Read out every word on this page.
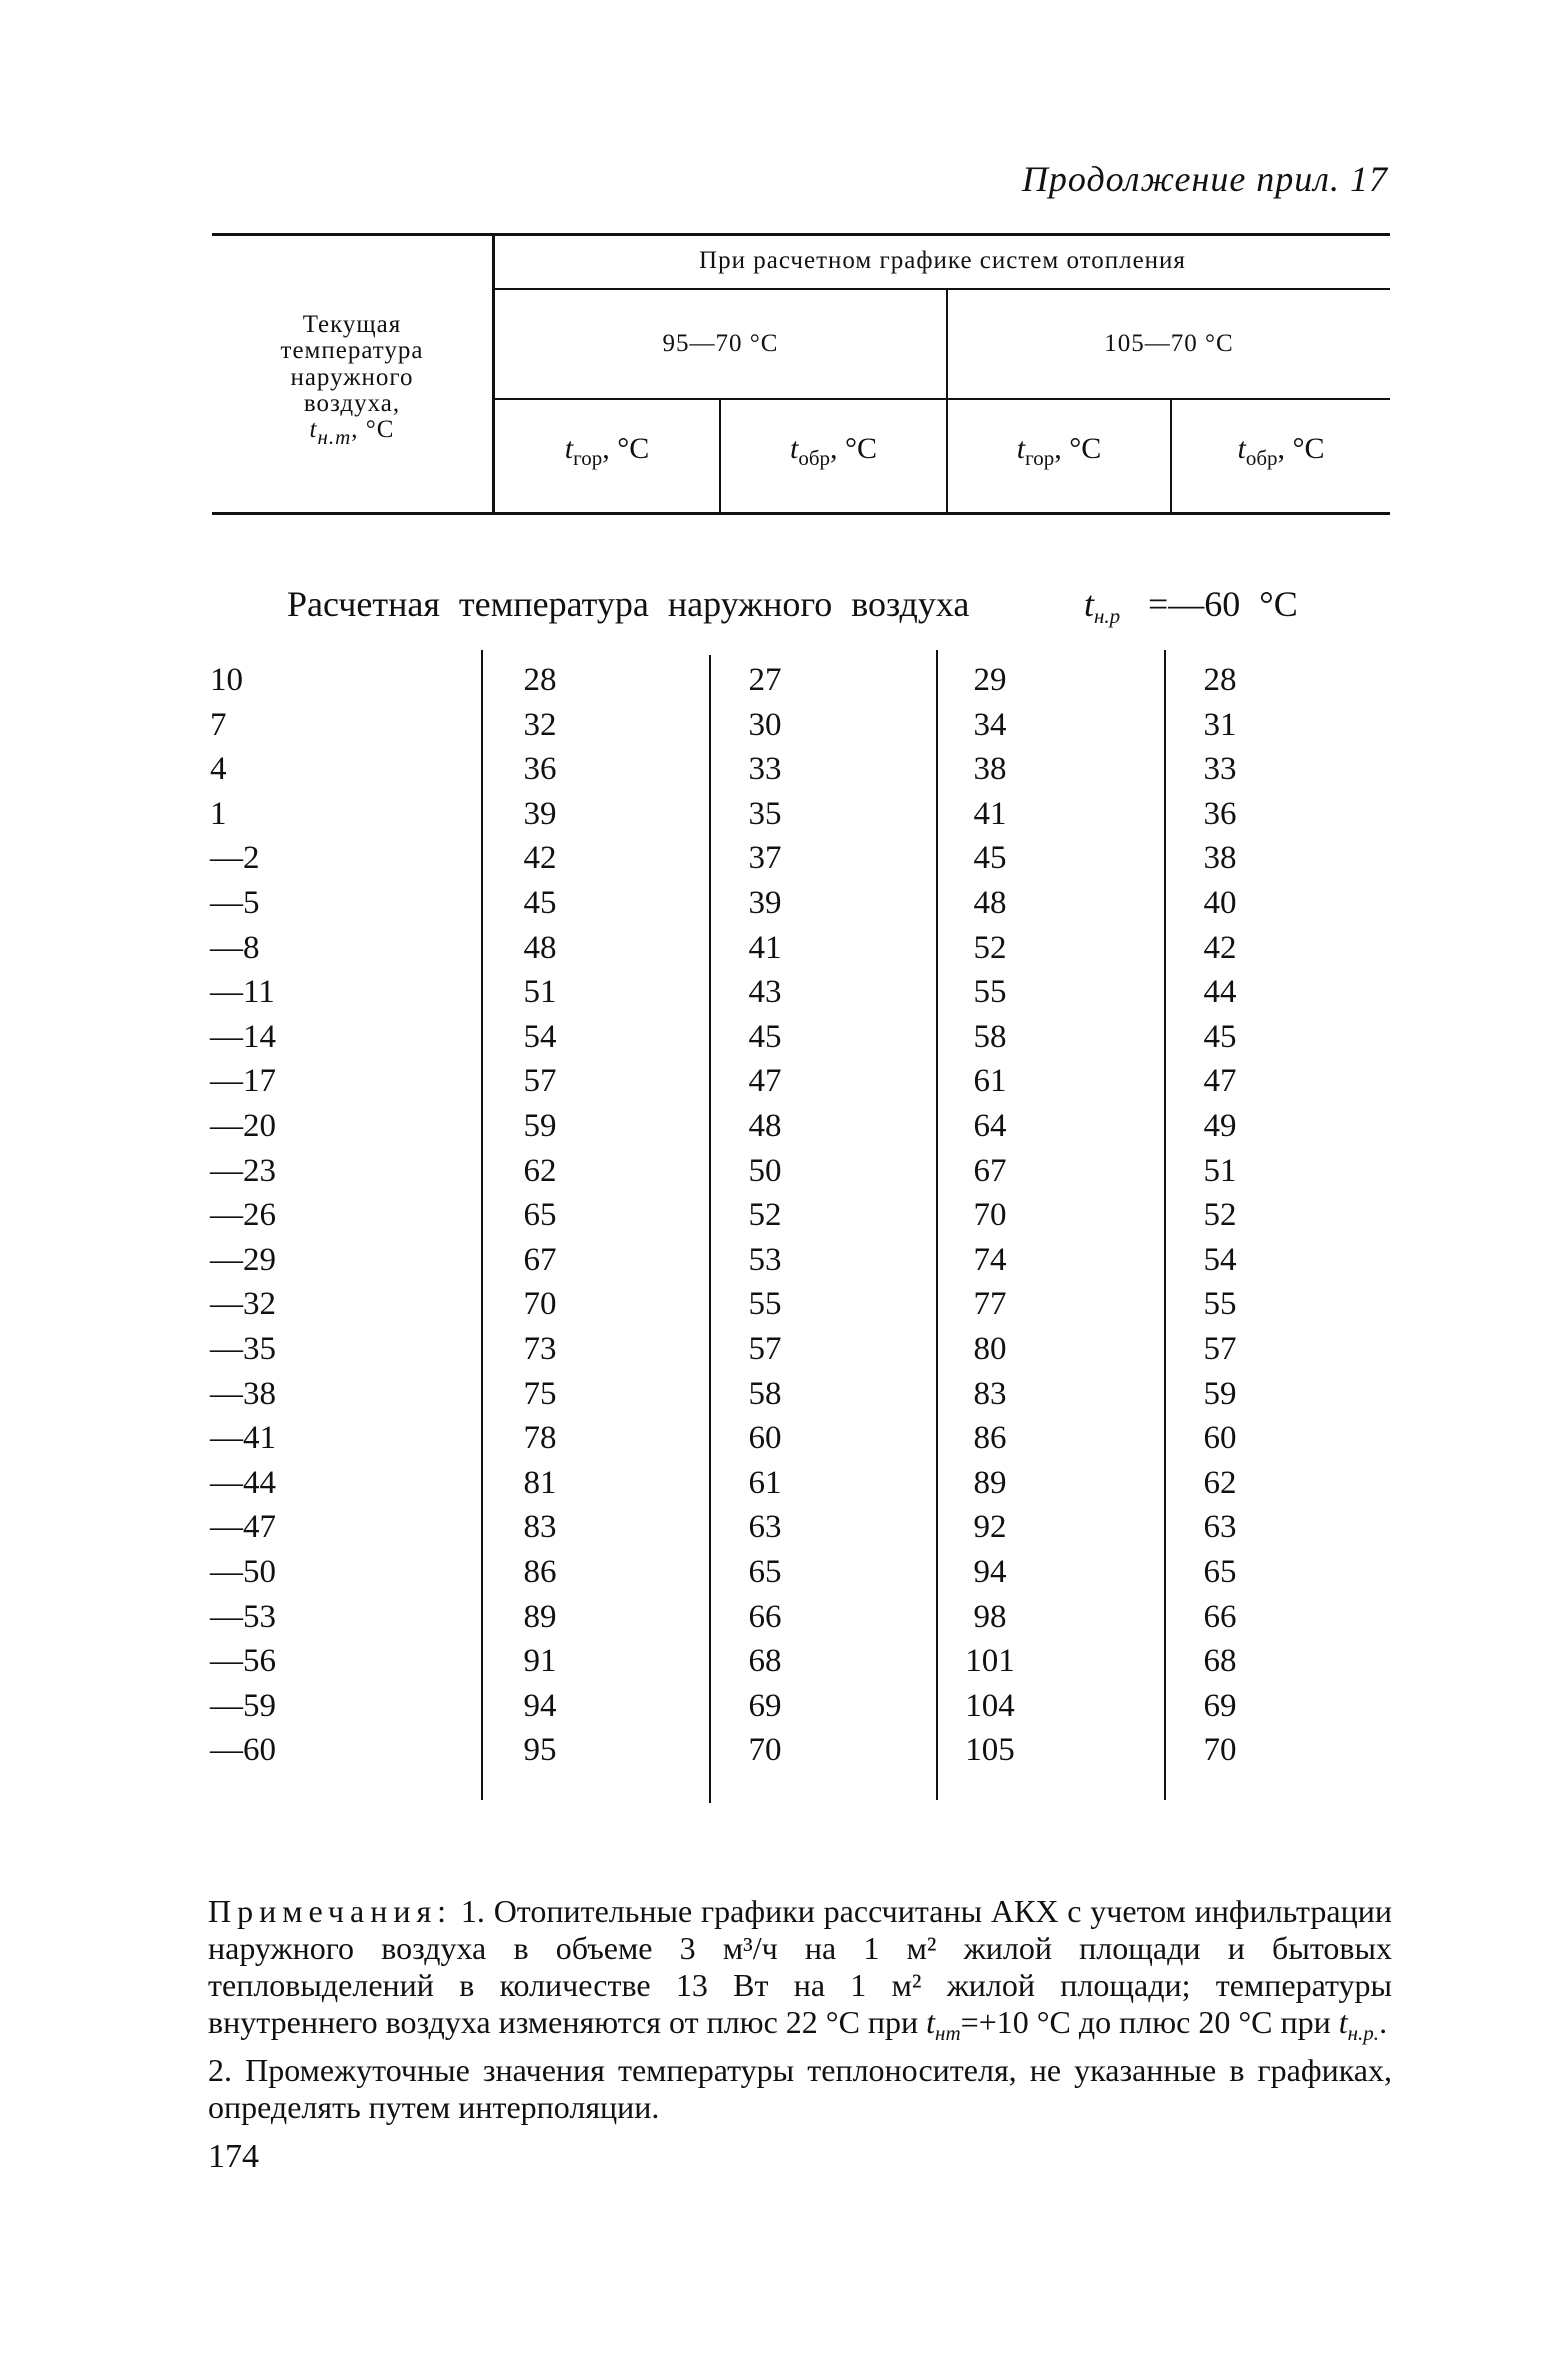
Продолжение прил. 17
Текущая
температура
наружного
воздуха,
$t_{н.т}$, °C
При расчетном графике систем отопления
95—70 °С	105—70 °С
$t_{гор}$, °С	$t_{обр}$, °С	$t_{гор}$, °С	$t_{обр}$, °С
Расчетная температура наружного воздуха	$t_{н.р}$ =—60 °С
10	28	27	29	28
7	32	30	34	31
4	36	33	38	33
1	39	35	41	36
—2	42	37	45	38
—5	45	39	48	40
—8	48	41	52	42
—11	51	43	55	44
—14	54	45	58	45
—17	57	47	61	47
—20	59	48	64	49
—23	62	50	67	51
—26	65	52	70	52
—29	67	53	74	54
—32	70	55	77	55
—35	73	57	80	57
—38	75	58	83	59
—41	78	60	86	60
—44	81	61	89	62
—47	83	63	92	63
—50	86	65	94	65
—53	89	66	98	66
—56	91	68	101	68
—59	94	69	104	69
—60	95	70	105	70
Примечания: 1. Отопительные графики рассчитаны АКХ с учетом инфильтрации наружного воздуха в объеме 3 м³/ч на 1 м² жилой площади и бытовых тепловыделений в количестве 13 Вт на 1 м² жилой площади; температуры внутреннего воздуха изменяются от плюс 22 °С при $t_{нт}=+10$ °С до плюс 20 °С при $t_{н.р.}$.
2. Промежуточные значения температуры теплоносителя, не указанные в графиках, определять путем интерполяции.
174
